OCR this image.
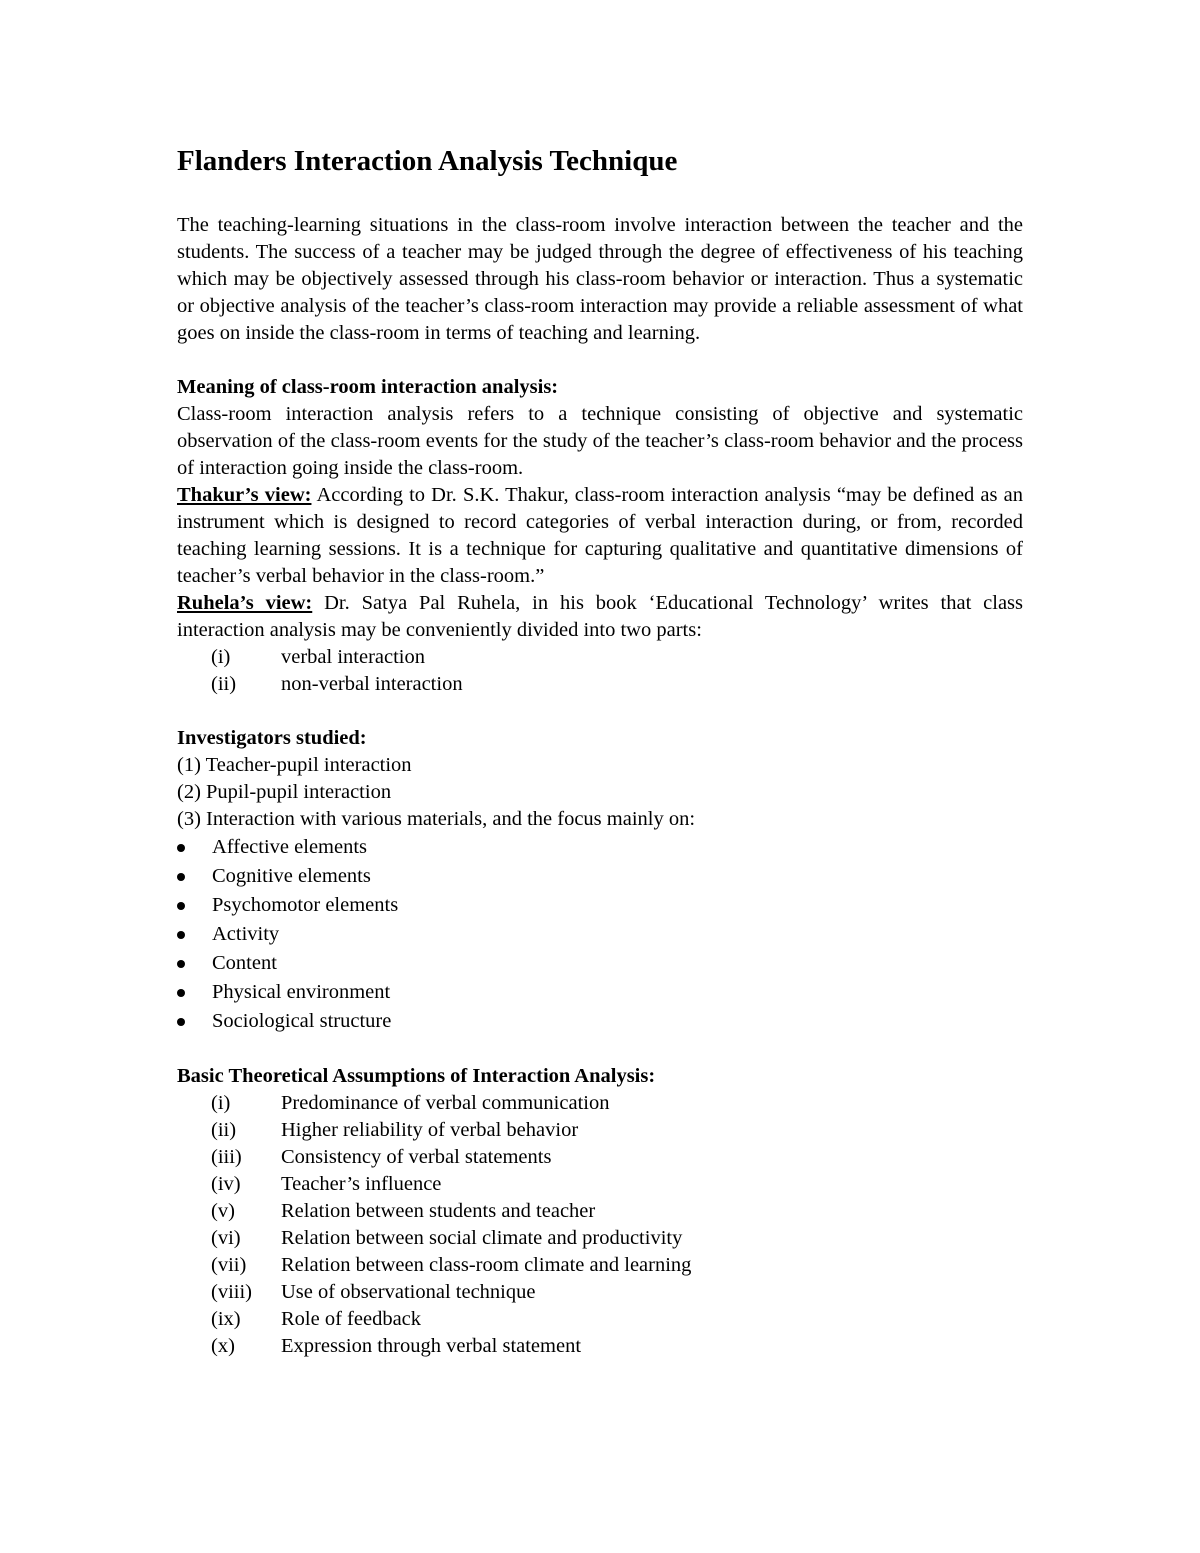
Flanders Interaction Analysis Technique

The teaching-learning situations in the class-room involve interaction between the teacher and the students. The success of a teacher may be judged through the degree of effectiveness of his teaching which may be objectively assessed through his class-room behavior or interaction. Thus a systematic or objective analysis of the teacher’s class-room interaction may provide a reliable assessment of what goes on inside the class-room in terms of teaching and learning.

Meaning of class-room interaction analysis:

Class-room interaction analysis refers to a technique consisting of objective and systematic observation of the class-room events for the study of the teacher’s class-room behavior and the process of interaction going inside the class-room.

Thakur’s view: According to Dr. S.K. Thakur, class-room interaction analysis “may be defined as an instrument which is designed to record categories of verbal interaction during, or from, recorded teaching learning sessions. It is a technique for capturing qualitative and quantitative dimensions of teacher’s verbal behavior in the class-room.”

Ruhela’s view: Dr. Satya Pal Ruhela, in his book ‘Educational Technology’ writes that class interaction analysis may be conveniently divided into two parts:

(i)	verbal interaction
(ii)	non-verbal interaction
Investigators studied:
(1) Teacher-pupil interaction
(2) Pupil-pupil interaction
(3) Interaction with various materials, and the focus mainly on:
Affective elements
Cognitive elements
Psychomotor elements
Activity
Content
Physical environment
Sociological structure
Basic Theoretical Assumptions of Interaction Analysis:
(i)	Predominance of verbal communication
(ii)	Higher reliability of verbal behavior
(iii)	Consistency of verbal statements
(iv)	Teacher’s influence
(v)	Relation between students and teacher
(vi)	Relation between social climate and productivity
(vii)	Relation between class-room climate and learning
(viii)	Use of observational technique
(ix)	Role of feedback
(x)	Expression through verbal statement
